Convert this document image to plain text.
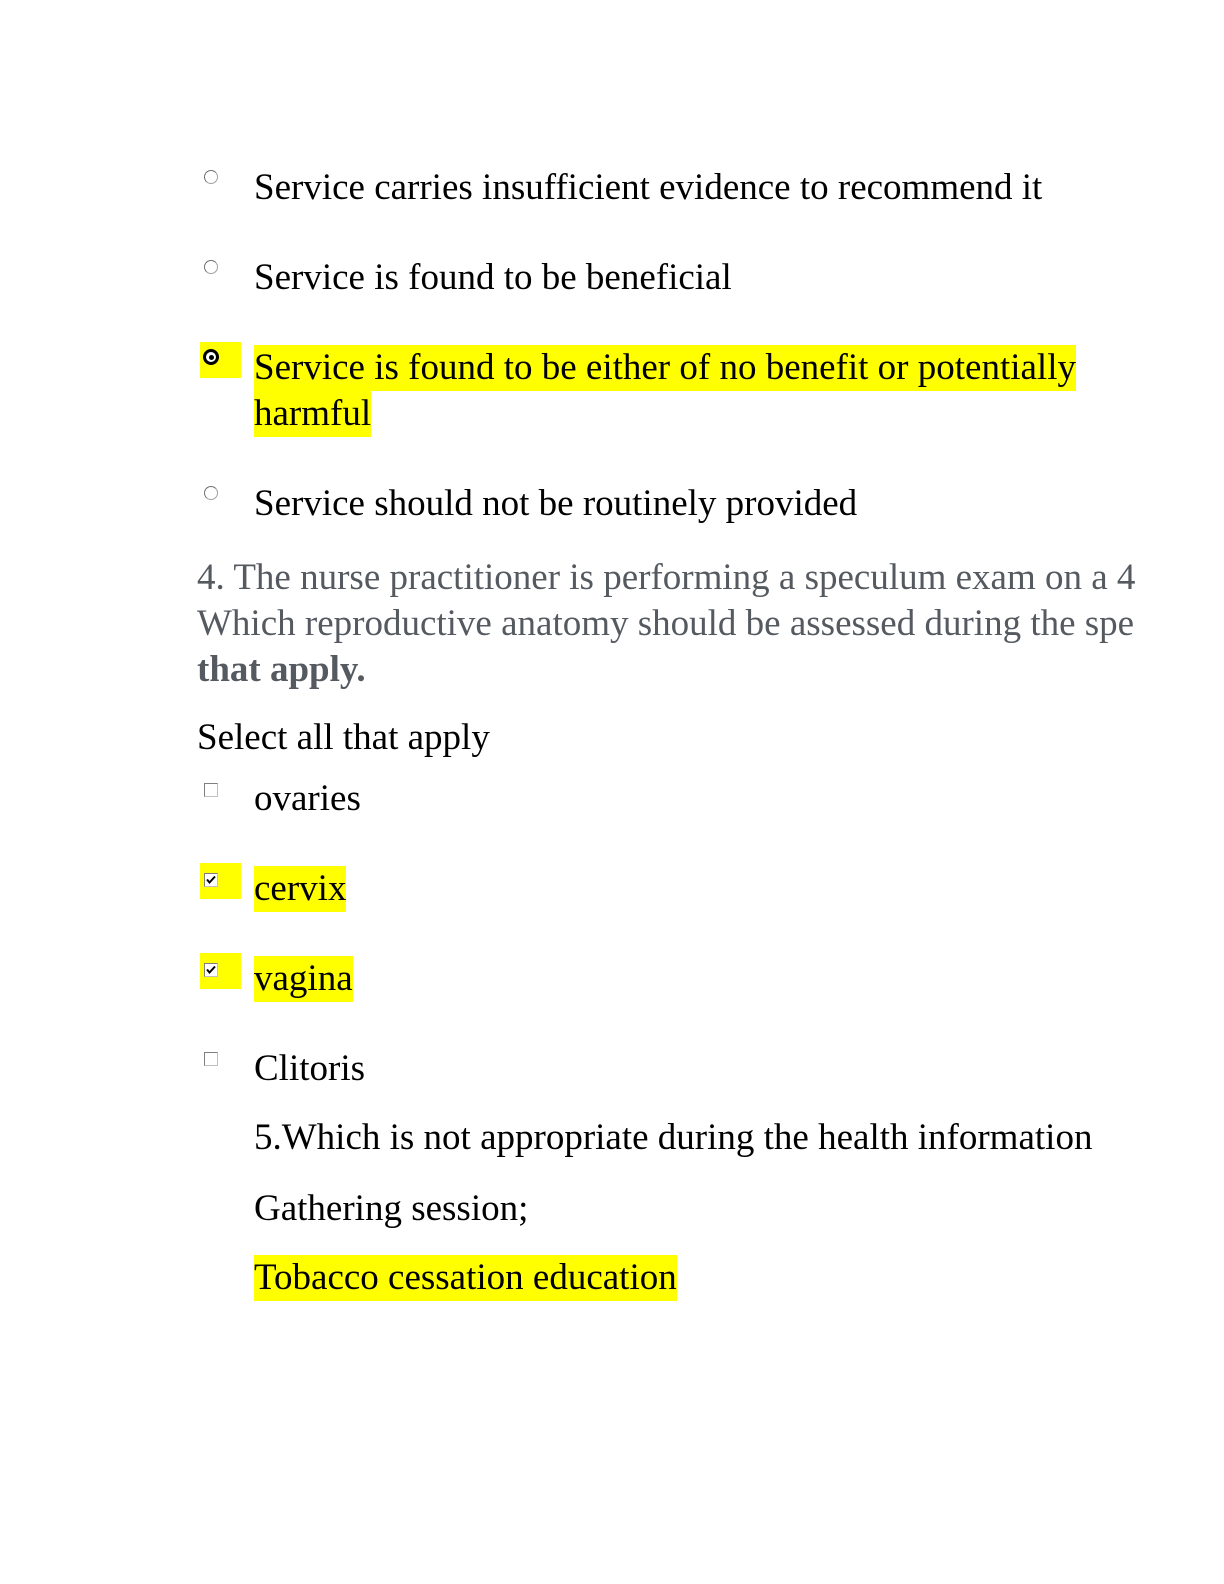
Service carries insufficient evidence to recommend it
Service is found to be beneficial
Service is found to be either of no benefit or potentially
harmful
Service should not be routinely provided
4. The nurse practitioner is performing a speculum exam on a 4
Which reproductive anatomy should be assessed during the spe
that apply.
Select all that apply
ovaries
cervix
vagina
Clitoris
5.Which is not appropriate during the health information
Gathering session;
Tobacco cessation education
